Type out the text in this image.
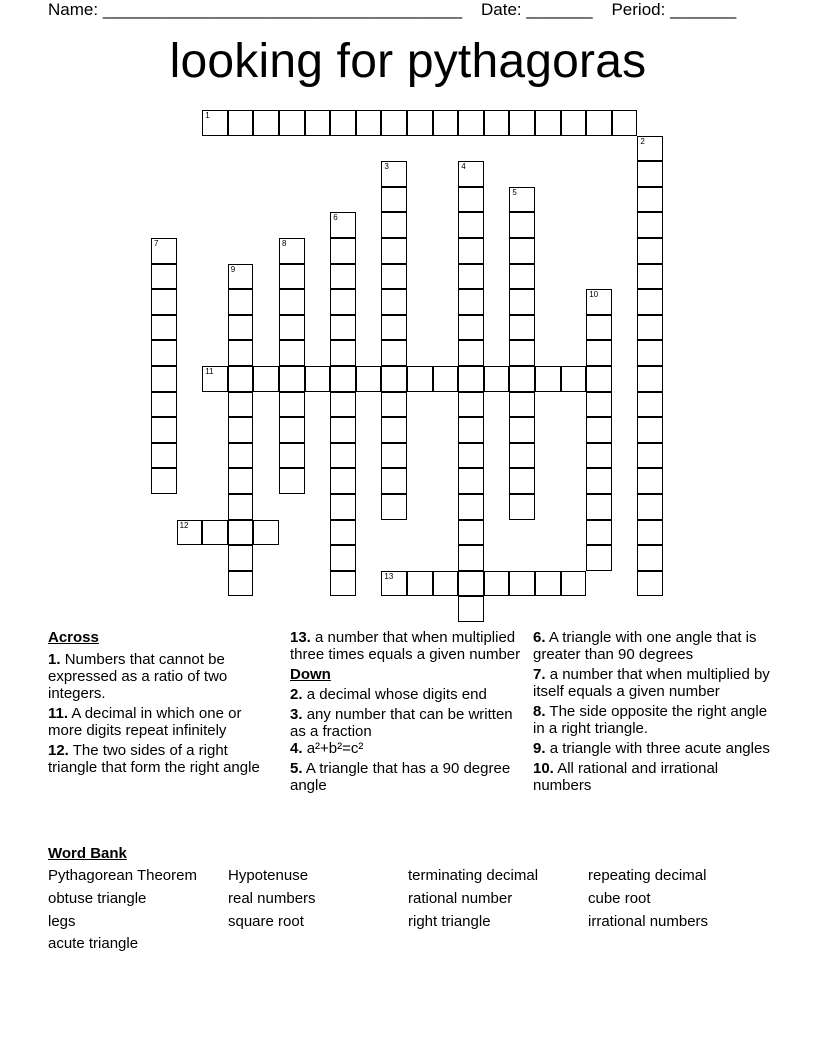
Name: ______________________________________ Date: _______ Period: _______
looking for pythagoras
1
2
3	4
5
6
7	8
9
10
11
12
13
Across
1. Numbers that cannot be expressed as a ratio of two integers.
11. A decimal in which one or more digits repeat infinitely
12. The two sides of a right triangle that form the right angle
13. a number that when multiplied three times equals a given number
Down
2. a decimal whose digits end
3. any number that can be written as a fraction
4. a²+b²=c²
5. A triangle that has a 90 degree angle
6. A triangle with one angle that is greater than 90 degrees
7. a number that when multiplied by itself equals a given number
8. The side opposite the right angle in a right triangle.
9. a triangle with three acute angles
10. All rational and irrational numbers
Word Bank
Pythagorean Theorem	Hypotenuse	terminating decimal	repeating decimal
obtuse triangle	real numbers	rational number	cube root
legs	square root	right triangle	irrational numbers
acute triangle
